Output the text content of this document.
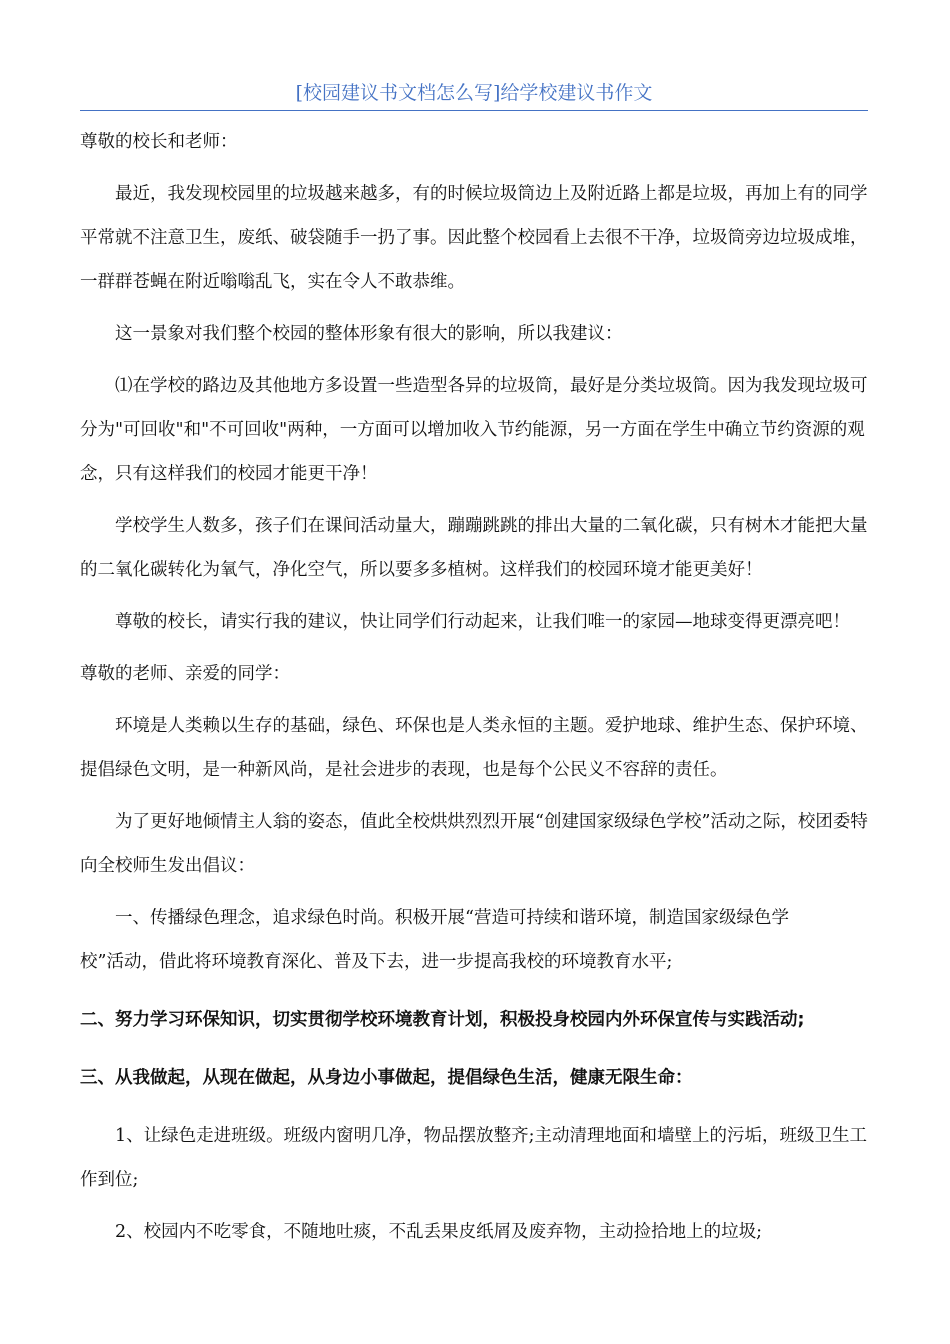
[校园建议书文档怎么写]给学校建议书作文

尊敬的校长和老师：

最近，我发现校园里的垃圾越来越多，有的时候垃圾筒边上及附近路上都是垃圾，再加上有的同学平常就不注意卫生，废纸、破袋随手一扔了事。因此整个校园看上去很不干净，垃圾筒旁边垃圾成堆，一群群苍蝇在附近嗡嗡乱飞，实在令人不敢恭维。

这一景象对我们整个校园的整体形象有很大的影响，所以我建议：

⑴在学校的路边及其他地方多设置一些造型各异的垃圾筒，最好是分类垃圾筒。因为我发现垃圾可分为"可回收"和"不可回收"两种，一方面可以增加收入节约能源，另一方面在学生中确立节约资源的观念，只有这样我们的校园才能更干净！

学校学生人数多，孩子们在课间活动量大，蹦蹦跳跳的排出大量的二氧化碳，只有树木才能把大量的二氧化碳转化为氧气，净化空气，所以要多多植树。这样我们的校园环境才能更美好！

尊敬的校长，请实行我的建议，快让同学们行动起来，让我们唯一的家园—地球变得更漂亮吧！

尊敬的老师、亲爱的同学：

环境是人类赖以生存的基础，绿色、环保也是人类永恒的主题。爱护地球、维护生态、保护环境、提倡绿色文明，是一种新风尚，是社会进步的表现，也是每个公民义不容辞的责任。

为了更好地倾情主人翁的姿态，值此全校烘烘烈烈开展“创建国家级绿色学校”活动之际，校团委特向全校师生发出倡议：

一、传播绿色理念，追求绿色时尚。积极开展“营造可持续和谐环境，制造国家级绿色学

校”活动，借此将环境教育深化、普及下去，进一步提高我校的环境教育水平;

二、努力学习环保知识，切实贯彻学校环境教育计划，积极投身校园内外环保宣传与实践活动;

三、从我做起，从现在做起，从身边小事做起，提倡绿色生活，健康无限生命：

1、让绿色走进班级。班级内窗明几净，物品摆放整齐;主动清理地面和墙壁上的污垢，班级卫生工作到位;

2、校园内不吃零食，不随地吐痰，不乱丢果皮纸屑及废弃物，主动捡拾地上的垃圾;
